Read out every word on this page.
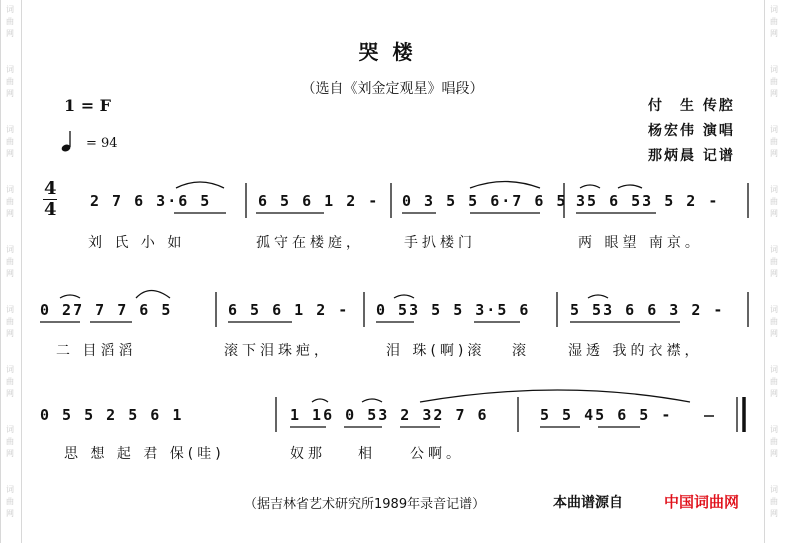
词
曲
网
词
曲
网
词
曲
网
词
曲
网
词
曲
网
词
曲
网
词
曲
网
词
曲
网
词
曲
网
词
曲
网
词
曲
网
词
曲
网
词
曲
网
词
曲
网
词
曲
网
词
曲
网
词
曲
网
词
曲
网
哭楼
（选自《刘金定观星》唱段）
1 = F
= 94
付　生 传腔
杨宏伟 演唱
那炳晨 记谱
4
4 2 7 6 3·6 5	6 5 6 1 2 - 0 3 5 5 6·7 6 5 35 6 53 5 2 -
刘 氏 小 如	孤守在楼庭，	手扒楼门	两 眼望 南京。
0 27 7 7 6 5	6 5 6 1 2 - 0 53 5 5 3·5 6	5 53 6 6 3 2 -
二 目滔滔	滚下泪珠疤，	泪 珠(啊)滚 滚	湿透 我的衣襟，
0 5 5 2 5 6 1	1 16 0 53 2 32 7 6	5 5 45 6 5 -
思 想 起 君 保(哇)	奴那 相 公啊。
（据吉林省艺术研究所1989年录音记谱）	本曲谱源自	中国词曲网
